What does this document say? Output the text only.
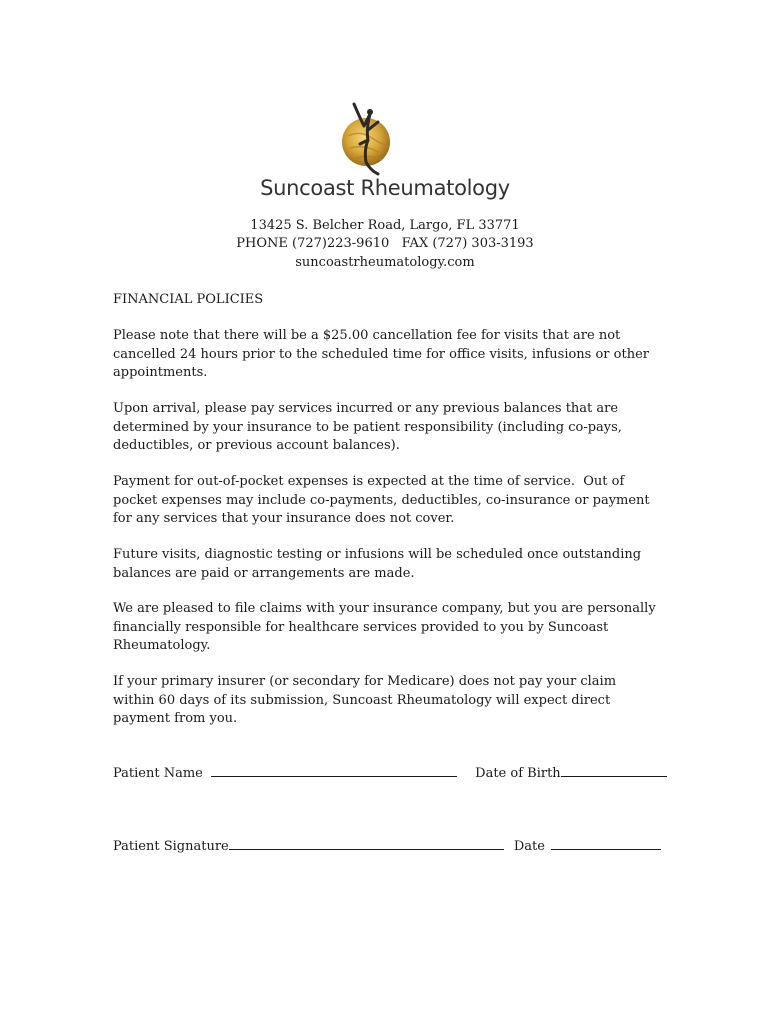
Suncoast Rheumatology
13425 S. Belcher Road, Largo, FL 33771
PHONE (727)223-9610   FAX (727) 303-3193
suncoastrheumatology.com
FINANCIAL POLICIES

Please note that there will be a $25.00 cancellation fee for visits that are not cancelled 24 hours prior to the scheduled time for office visits, infusions or other appointments.

Upon arrival, please pay services incurred or any previous balances that are determined by your insurance to be patient responsibility (including co-pays, deductibles, or previous account balances).

Payment for out-of-pocket expenses is expected at the time of service.  Out of pocket expenses may include co-payments, deductibles, co-insurance or payment for any services that your insurance does not cover.

Future visits, diagnostic testing or infusions will be scheduled once outstanding balances are paid or arrangements are made.

We are pleased to file claims with your insurance company, but you are personally financially responsible for healthcare services provided to you by Suncoast Rheumatology.

If your primary insurer (or secondary for Medicare) does not pay your claim within 60 days of its submission, Suncoast Rheumatology will expect direct payment from you.

Patient Name	Date of Birth
Patient Signature	Date
